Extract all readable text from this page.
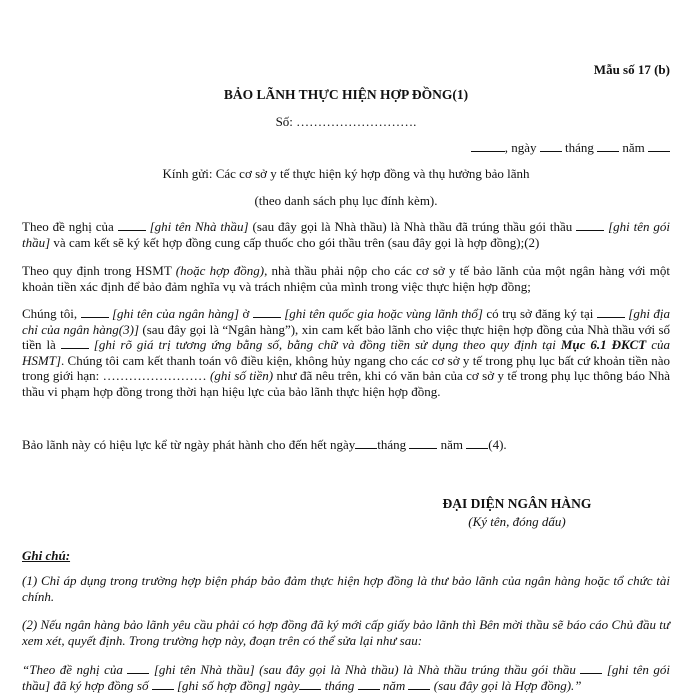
Mẫu số 17 (b)
BẢO LÃNH THỰC HIỆN HỢP ĐỒNG(1)
Số: ……………………….
, ngày tháng năm
Kính gửi: Các cơ sở y tế thực hiện ký hợp đồng và thụ hưởng bảo lãnh
(theo danh sách phụ lục đính kèm).

Theo đề nghị của  [ghi tên Nhà thầu] (sau đây gọi là Nhà thầu) là Nhà thầu đã trúng thầu gói thầu  [ghi tên gói thầu] và cam kết sẽ ký kết hợp đồng cung cấp thuốc cho gói thầu trên (sau đây gọi là hợp đồng);(2)

Theo quy định trong HSMT (hoặc hợp đồng), nhà thầu phải nộp cho các cơ sở y tế bảo lãnh của một ngân hàng với một khoản tiền xác định để bảo đảm nghĩa vụ và trách nhiệm của mình trong việc thực hiện hợp đồng;

Chúng tôi,  [ghi tên của ngân hàng] ở  [ghi tên quốc gia hoặc vùng lãnh thổ] có trụ sở đăng ký tại  [ghi địa chỉ của ngân hàng(3)] (sau đây gọi là “Ngân hàng”), xin cam kết bảo lãnh cho việc thực hiện hợp đồng của Nhà thầu với số tiền là	[ghi rõ giá trị tương ứng bằng số, bằng chữ và đồng tiền sử dụng theo quy định tại Mục 6.1 ĐKCT của HSMT]. Chúng tôi cam kết thanh toán vô điều kiện, không hủy ngang cho các cơ sở y tế trong phụ lục bất cứ khoản tiền nào trong giới hạn: …………………… (ghi số tiền) như đã nêu trên, khi có văn bản của cơ sở y tế trong phụ lục thông báo Nhà thầu vi phạm hợp đồng trong thời hạn hiệu lực của bảo lãnh thực hiện hợp đồng.

Bảo lãnh này có hiệu lực kể từ ngày phát hành cho đến hết ngày tháng	năm (4).

ĐẠI DIỆN NGÂN HÀNG
(Ký tên, đóng dấu)
Ghi chú:

(1) Chỉ áp dụng trong trường hợp biện pháp bảo đảm thực hiện hợp đồng là thư bảo lãnh của ngân hàng hoặc tổ chức tài chính.

(2) Nếu ngân hàng bảo lãnh yêu cầu phải có hợp đồng đã ký mới cấp giấy bảo lãnh thì Bên mời thầu sẽ báo cáo Chủ đầu tư xem xét, quyết định. Trong trường hợp này, đoạn trên có thể sửa lại như sau:

“Theo đề nghị của  [ghi tên Nhà thầu] (sau đây gọi là Nhà thầu) là Nhà thầu trúng thầu gói thầu  [ghi tên gói thầu] đã ký hợp đồng số  [ghi số hợp đồng] ngày tháng  năm  (sau đây gọi là Hợp đồng).”
